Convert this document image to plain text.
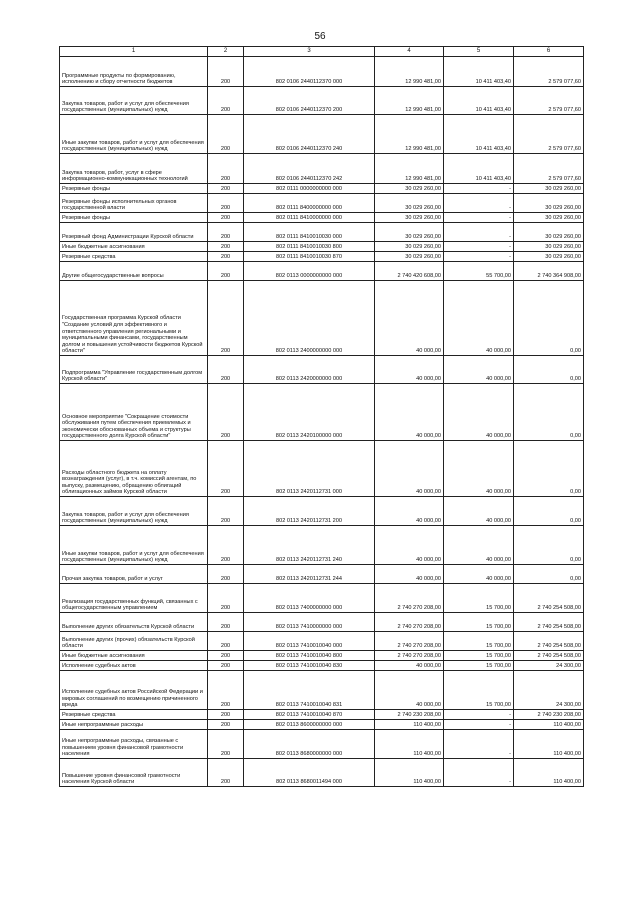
56
1	2	3	4	5	6
Программные продукты по формированию, исполнению и сбору отчетности бюджетов	200	802 0106 2440112370 000	12 990 481,00	10 411 403,40	2 579 077,60
Закупка товаров, работ и услуг для обеспечения государственных (муниципальных) нужд	200	802 0106 2440112370 200	12 990 481,00	10 411 403,40	2 579 077,60
Иные закупки товаров, работ и услуг для обеспечения государственных (муниципальных) нужд	200	802 0106 2440112370 240	12 990 481,00	10 411 403,40	2 579 077,60
Закупка товаров, работ, услуг в сфере информационно-коммуникационных технологий	200	802 0106 2440112370 242	12 990 481,00	10 411 403,40	2 579 077,60
Резервные фонды	200	802 0111 0000000000 000	30 029 260,00	-	30 029 260,00
Резервные фонды исполнительных органов государственной власти	200	802 0111 8400000000 000	30 029 260,00	-	30 029 260,00
Резервные фонды	200	802 0111 8410000000 000	30 029 260,00	-	30 029 260,00
Резервный фонд Администрации Курской области	200	802 0111 8410010030 000	30 029 260,00	-	30 029 260,00
Иные бюджетные ассигнования	200	802 0111 8410010030 800	30 029 260,00	-	30 029 260,00
Резервные средства	200	802 0111 8410010030 870	30 029 260,00	-	30 029 260,00
Другие общегосударственные вопросы	200	802 0113 0000000000 000	2 740 420 608,00	55 700,00	2 740 364 908,00
Государственная программа Курской области "Создание условий для эффективного и ответственного управления региональными и муниципальными финансами, государственным долгом и повышения устойчивости бюджетов Курской области"	200	802 0113 2400000000 000	40 000,00	40 000,00	0,00
Подпрограмма "Управление государственным долгом Курской области"	200	802 0113 2420000000 000	40 000,00	40 000,00	0,00
Основное мероприятие "Сокращение стоимости обслуживания путем обеспечения приемлемых и экономически обоснованных объема и структуры государственного долга Курской области"	200	802 0113 2420100000 000	40 000,00	40 000,00	0,00
Расходы областного бюджета на оплату вознаграждения (услуг), в т.ч. комиссий агентам, по выпуску, размещению, обращению облигаций облигационных займов Курской области	200	802 0113 2420112731 000	40 000,00	40 000,00	0,00
Закупка товаров, работ и услуг для обеспечения государственных (муниципальных) нужд	200	802 0113 2420112731 200	40 000,00	40 000,00	0,00
Иные закупки товаров, работ и услуг для обеспечения государственных (муниципальных) нужд	200	802 0113 2420112731 240	40 000,00	40 000,00	0,00
Прочая закупка товаров, работ и услуг	200	802 0113 2420112731 244	40 000,00	40 000,00	0,00
Реализация государственных функций, связанных с общегосударственным управлением	200	802 0113 7400000000 000	2 740 270 208,00	15 700,00	2 740 254 508,00
Выполнение других обязательств Курской области	200	802 0113 7410000000 000	2 740 270 208,00	15 700,00	2 740 254 508,00
Выполнение других (прочих) обязательств Курской области	200	802 0113 7410010040 000	2 740 270 208,00	15 700,00	2 740 254 508,00
Иные бюджетные ассигнования	200	802 0113 7410010040 800	2 740 270 208,00	15 700,00	2 740 254 508,00
Исполнение судебных актов	200	802 0113 7410010040 830	40 000,00	15 700,00	24 300,00
Исполнение судебных актов Российской Федерации и мировых соглашений по возмещению причиненного вреда	200	802 0113 7410010040 831	40 000,00	15 700,00	24 300,00
Резервные средства	200	802 0113 7410010040 870	2 740 230 208,00	-	2 740 230 208,00
Иные непрограммные расходы	200	802 0113 8600000000 000	110 400,00	-	110 400,00
Иные непрограммные расходы, связанные с повышением уровня финансовой грамотности населения	200	802 0113 8680000000 000	110 400,00	-	110 400,00
Повышение уровня финансовой грамотности населения Курской области	200	802 0113 8680011494 000	110 400,00	-	110 400,00
